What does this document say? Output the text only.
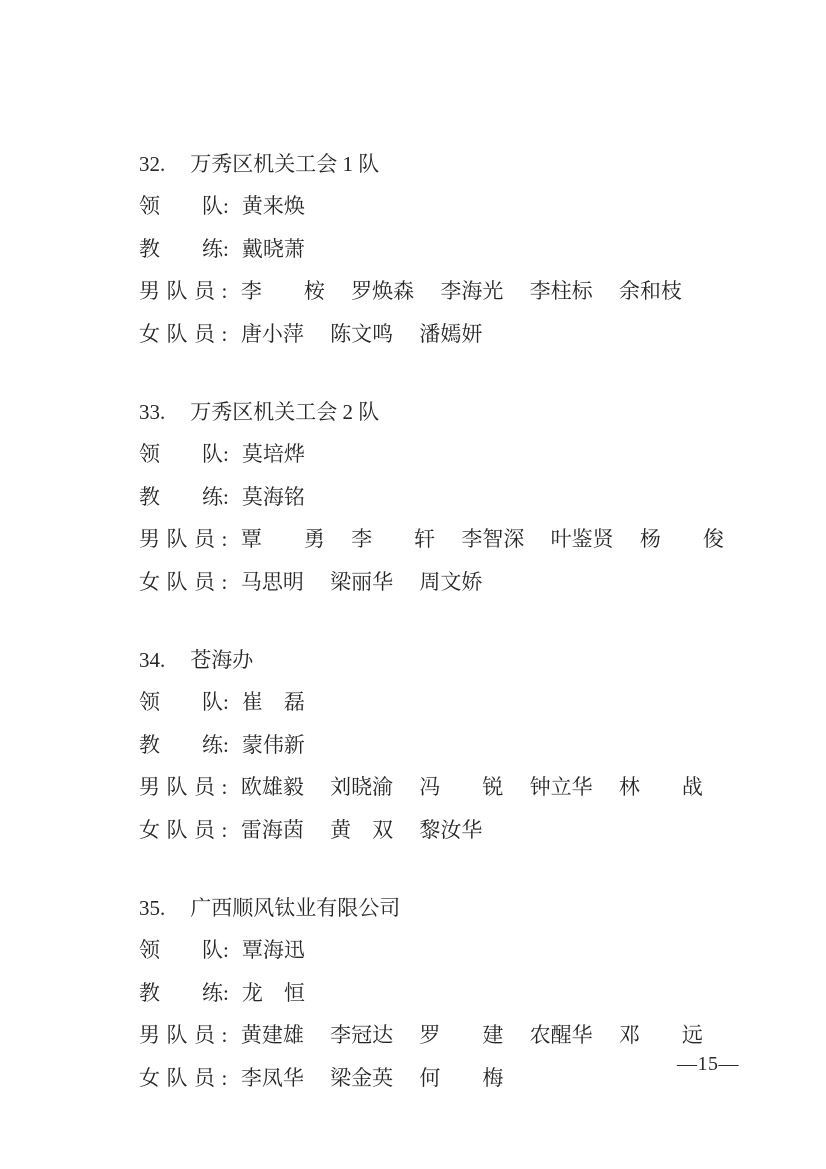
32. 万秀区机关工会 1 队

领　　队: 黄来焕

教　　练: 戴晓萧

男队员: 李　　桉　 罗焕森　 李海光　 李柱标　 余和枝

女队员: 唐小萍　 陈文鸣　 潘嫣妍

33. 万秀区机关工会 2 队

领　　队: 莫培烨

教　　练: 莫海铭

男队员: 覃　　勇　 李　　轩　 李智深　 叶鉴贤　 杨　　俊

女队员: 马思明　 梁丽华　 周文娇

34. 苍海办

领　　队: 崔　磊

教　　练: 蒙伟新

男队员: 欧雄毅　 刘晓渝　 冯　　锐　 钟立华　 林　　战

女队员: 雷海茵　 黄　双　 黎汝华

35. 广西顺风钛业有限公司

领　　队: 覃海迅

教　　练: 龙　恒

男队员: 黄建雄　 李冠达　 罗　　建　 农醒华　 邓　　远

女队员: 李凤华　 梁金英　 何　　梅

—15—
